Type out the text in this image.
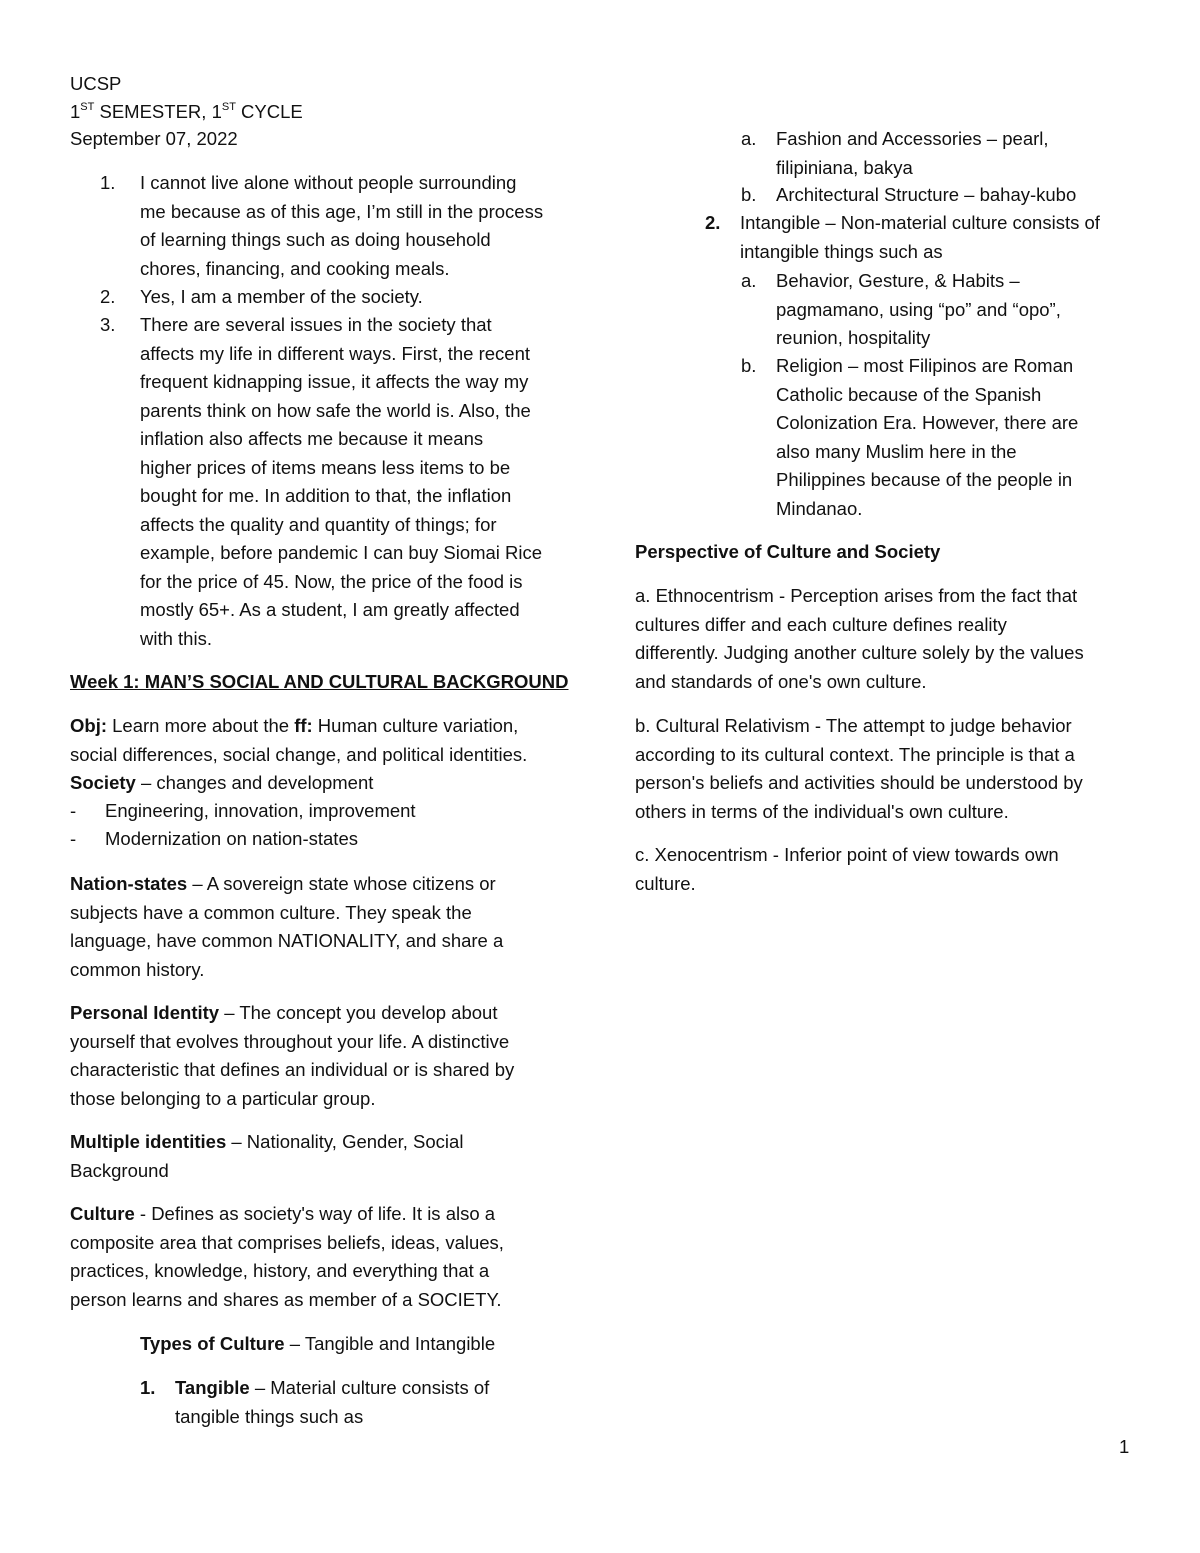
UCSP
1ST SEMESTER, 1ST CYCLE
September 07, 2022
1.	I cannot live alone without people surrounding
me because as of this age, I’m still in the process
of learning things such as doing household
chores, financing, and cooking meals.
2.	Yes, I am a member of the society.
3.	There are several issues in the society that
affects my life in different ways. First, the recent
frequent kidnapping issue, it affects the way my
parents think on how safe the world is. Also, the
inflation also affects me because it means
higher prices of items means less items to be
bought for me. In addition to that, the inflation
affects the quality and quantity of things; for
example, before pandemic I can buy Siomai Rice
for the price of 45. Now, the price of the food is
mostly 65+. As a student, I am greatly affected
with this.
Week 1: MAN’S SOCIAL AND CULTURAL BACKGROUND
Obj: Learn more about the ff: Human culture variation,
social differences, social change, and political identities.
Society – changes and development
- Engineering, innovation, improvement
- Modernization on nation-states
Nation-states – A sovereign state whose citizens or
subjects have a common culture. They speak the
language, have common NATIONALITY, and share a
common history.
Personal Identity – The concept you develop about
yourself that evolves throughout your life. A distinctive
characteristic that defines an individual or is shared by
those belonging to a particular group.
Multiple identities – Nationality, Gender, Social
Background
Culture - Defines as society's way of life. It is also a
composite area that comprises beliefs, ideas, values,
practices, knowledge, history, and everything that a
person learns and shares as member of a SOCIETY.
Types of Culture – Tangible and Intangible
1. Tangible – Material culture consists of
tangible things such as
a. Fashion and Accessories – pearl,
filipiniana, bakya
b. Architectural Structure – bahay-kubo
2. Intangible – Non-material culture consists of
intangible things such as
a. Behavior, Gesture, & Habits –
pagmamano, using “po” and “opo”,
reunion, hospitality
b. Religion – most Filipinos are Roman
Catholic because of the Spanish
Colonization Era. However, there are
also many Muslim here in the
Philippines because of the people in
Mindanao.
Perspective of Culture and Society
a. Ethnocentrism - Perception arises from the fact that
cultures differ and each culture defines reality
differently. Judging another culture solely by the values
and standards of one's own culture.
b. Cultural Relativism - The attempt to judge behavior
according to its cultural context. The principle is that a
person's beliefs and activities should be understood by
others in terms of the individual's own culture.
c. Xenocentrism - Inferior point of view towards own
culture.
1
